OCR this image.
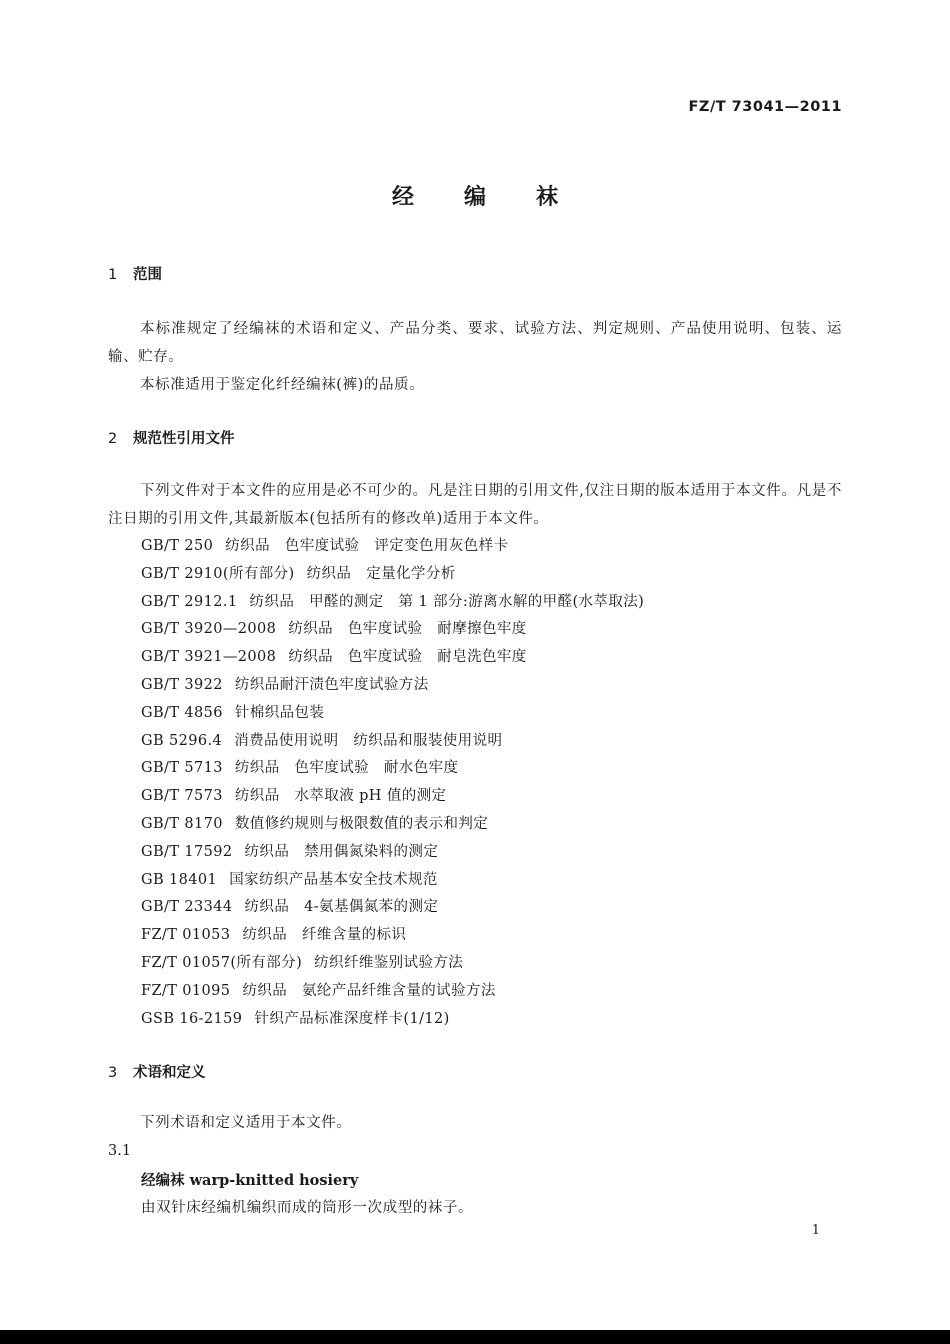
FZ/T 73041—2011
经编袜
1 范围
本标准规定了经编袜的术语和定义、产品分类、要求、试验方法、判定规则、产品使用说明、包装、运输、贮存。
本标准适用于鉴定化纤经编袜(裤)的品质。
2 规范性引用文件
下列文件对于本文件的应用是必不可少的。凡是注日期的引用文件,仅注日期的版本适用于本文件。凡是不注日期的引用文件,其最新版本(包括所有的修改单)适用于本文件。
GB/T 250 纺织品　色牢度试验　评定变色用灰色样卡
GB/T 2910(所有部分) 纺织品　定量化学分析
GB/T 2912.1 纺织品　甲醛的测定　第 1 部分:游离水解的甲醛(水萃取法)
GB/T 3920—2008 纺织品　色牢度试验　耐摩擦色牢度
GB/T 3921—2008 纺织品　色牢度试验　耐皂洗色牢度
GB/T 3922 纺织品耐汗渍色牢度试验方法
GB/T 4856 针棉织品包装
GB 5296.4 消费品使用说明　纺织品和服装使用说明
GB/T 5713 纺织品　色牢度试验　耐水色牢度
GB/T 7573 纺织品　水萃取液 pH 值的测定
GB/T 8170 数值修约规则与极限数值的表示和判定
GB/T 17592 纺织品　禁用偶氮染料的测定
GB 18401 国家纺织产品基本安全技术规范
GB/T 23344 纺织品　4-氨基偶氮苯的测定
FZ/T 01053 纺织品　纤维含量的标识
FZ/T 01057(所有部分) 纺织纤维鉴别试验方法
FZ/T 01095 纺织品　氨纶产品纤维含量的试验方法
GSB 16-2159 针织产品标准深度样卡(1/12)
3 术语和定义
下列术语和定义适用于本文件。
3.1
经编袜 warp-knitted hosiery
由双针床经编机编织而成的筒形一次成型的袜子。
1
